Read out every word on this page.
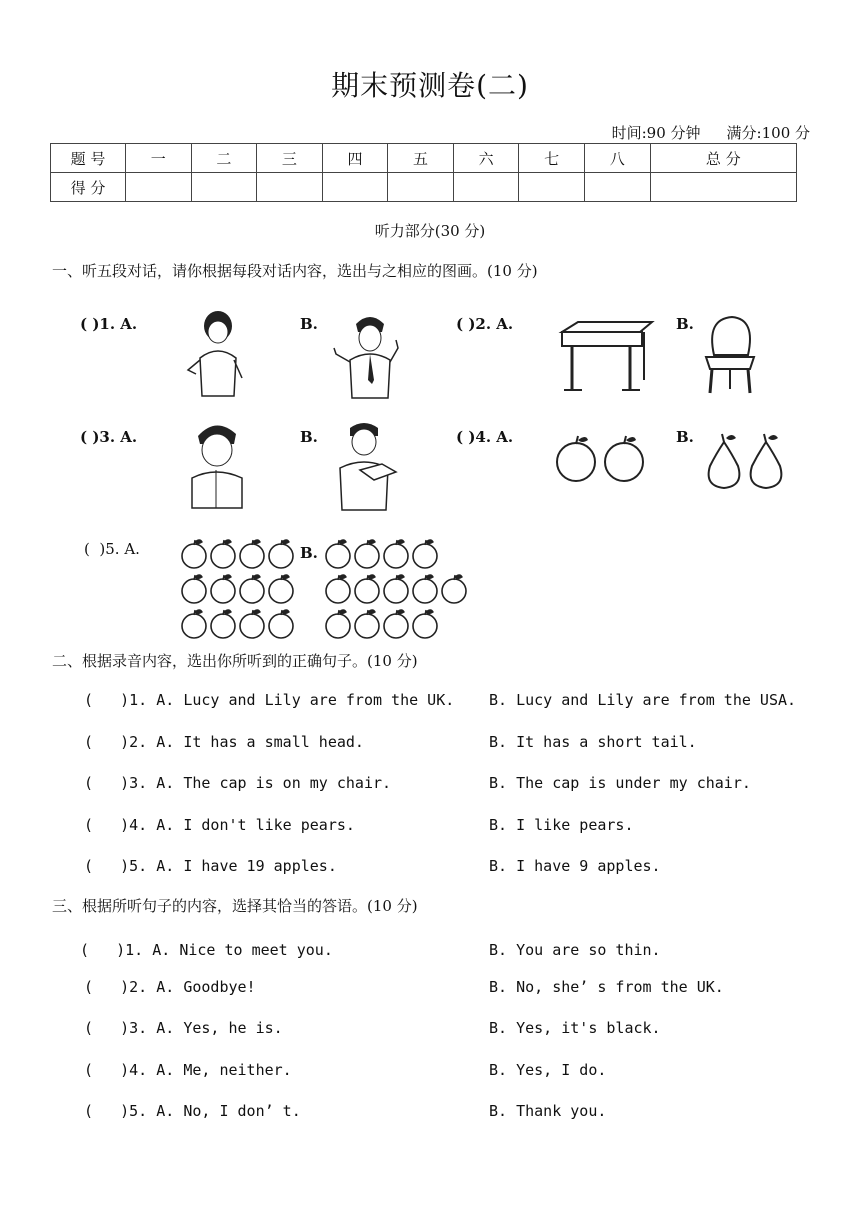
期末预测卷(二)
时间:90 分钟 满分:100 分
题 号	一	二	三	四	五	六	七	八	总 分
得 分									
听力部分(30 分)
一、听五段对话，请你根据每段对话内容，选出与之相应的图画。(10 分)
( )1. A.	B.	( )2. A.	B.
( )3. A.	B.	( )4. A.	B.
(  )5. A.	B.
二、根据录音内容，选出你所听到的正确句子。(10 分)
(   )1. A. Lucy and Lily are from the UK. B. Lucy and Lily are from the USA.
(   )2. A. It has a small head.	B. It has a short tail.
(   )3. A. The cap is on my chair.	B. The cap is under my chair.
(   )4. A. I don't like pears.	B. I like pears.
(   )5. A. I have 19 apples.	B. I have 9 apples.
三、根据所听句子的内容，选择其恰当的答语。(10 分)
(   )1. A. Nice to meet you.	B. You are so thin.
(   )2. A. Goodbye!	B. No, she’ s from the UK.
(   )3. A. Yes, he is.	B. Yes, it's black.
(   )4. A. Me, neither.	B. Yes, I do.
(   )5. A. No, I don’ t.	B. Thank you.
